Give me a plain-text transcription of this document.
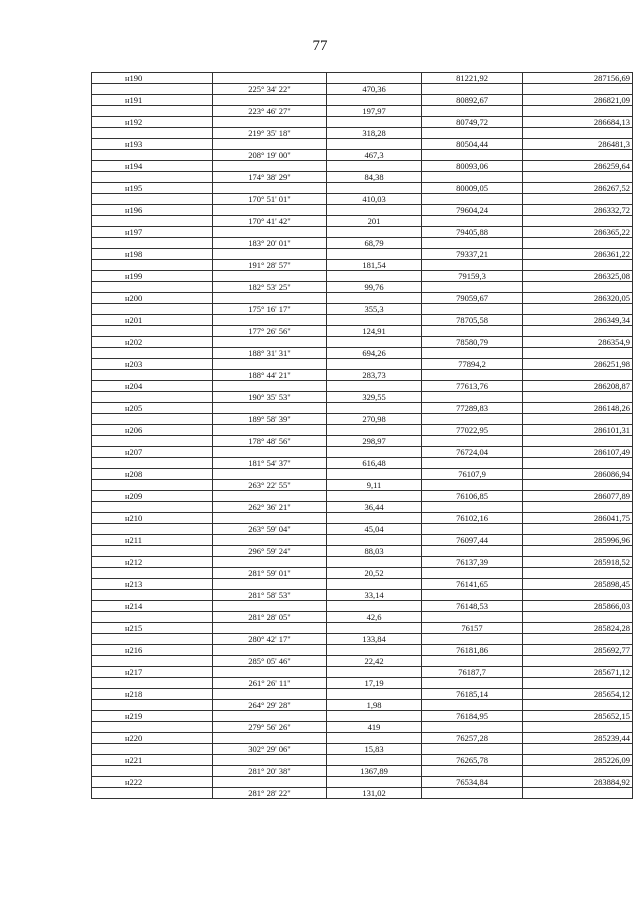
77
н190			81221,92	287156,69
	225° 34' 22"	470,36		
н191			80892,67	286821,09
	223° 46' 27"	197,97		
н192			80749,72	286684,13
	219° 35' 18"	318,28		
н193			80504,44	286481,3
	208° 19' 00"	467,3		
н194			80093,06	286259,64
	174° 38' 29"	84,38		
н195			80009,05	286267,52
	170° 51' 01"	410,03		
н196			79604,24	286332,72
	170° 41' 42"	201		
н197			79405,88	286365,22
	183° 20' 01"	68,79		
н198			79337,21	286361,22
	191° 28' 57"	181,54		
н199			79159,3	286325,08
	182° 53' 25"	99,76		
н200			79059,67	286320,05
	175° 16' 17"	355,3		
н201			78705,58	286349,34
	177° 26' 56"	124,91		
н202			78580,79	286354,9
	188° 31' 31"	694,26		
н203			77894,2	286251,98
	188° 44' 21"	283,73		
н204			77613,76	286208,87
	190° 35' 53"	329,55		
н205			77289,83	286148,26
	189° 58' 39"	270,98		
н206			77022,95	286101,31
	178° 48' 56"	298,97		
н207			76724,04	286107,49
	181° 54' 37"	616,48		
н208			76107,9	286086,94
	263° 22' 55"	9,11		
н209			76106,85	286077,89
	262° 36' 21"	36,44		
н210			76102,16	286041,75
	263° 59' 04"	45,04		
н211			76097,44	285996,96
	296° 59' 24"	88,03		
н212			76137,39	285918,52
	281° 59' 01"	20,52		
н213			76141,65	285898,45
	281° 58' 53"	33,14		
н214			76148,53	285866,03
	281° 28' 05"	42,6		
н215			76157	285824,28
	280° 42' 17"	133,84		
н216			76181,86	285692,77
	285° 05' 46"	22,42		
н217			76187,7	285671,12
	261° 26' 11"	17,19		
н218			76185,14	285654,12
	264° 29' 28"	1,98		
н219			76184,95	285652,15
	279° 56' 26"	419		
н220			76257,28	285239,44
	302° 29' 06"	15,83		
н221			76265,78	285226,09
	281° 20' 38"	1367,89		
н222			76534,84	283884,92
	281° 28' 22"	131,02		
